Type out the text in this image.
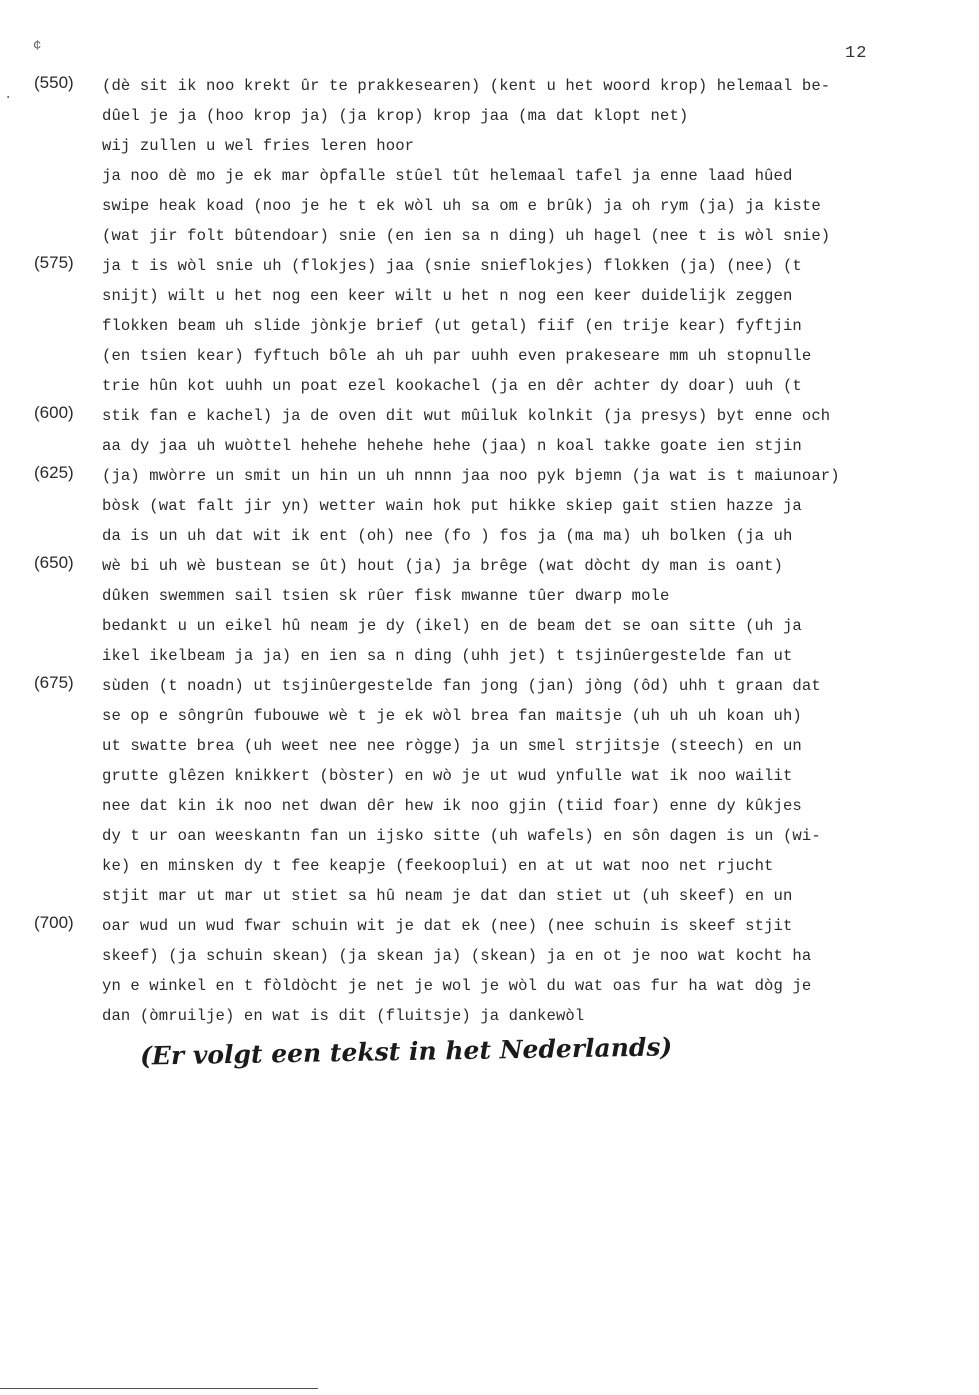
¢
·
12
(550)
(575)
(600)
(625)
(650)
(675)
(700)
(dè sit ik noo krekt ûr te prakkesearen) (kent u het woord krop) helemaal be-
dûel je ja (hoo krop ja) (ja krop) krop jaa (ma dat klopt net)
wij zullen u wel fries leren hoor
ja noo dè mo je ek mar òpfalle stûel tût helemaal tafel ja enne laad hûed
swipe heak koad (noo je he t ek wòl uh sa om e brûk) ja oh rym (ja) ja kiste
(wat jir folt bûtendoar) snie (en ien sa n ding) uh hagel (nee t is wòl snie)
ja t is wòl snie uh (flokjes) jaa (snie snieflokjes) flokken (ja) (nee) (t
snijt) wilt u het nog een keer wilt u het n nog een keer duidelijk zeggen
flokken beam uh slide jònkje brief (ut getal) fiif (en trije kear) fyftjin
(en tsien kear) fyftuch bôle ah uh par uuhh even prakeseare mm uh stopnulle
trie hûn kot uuhh un poat ezel kookachel (ja en dêr achter dy doar) uuh (t
stik fan e kachel) ja de oven dit wut mûiluk kolnkit (ja presys) byt enne och
aa dy jaa uh wuòttel hehehe hehehe hehe (jaa) n koal takke goate ien stjin
(ja) mwòrre un smit un hin un uh nnnn jaa noo pyk bjemn (ja wat is t maiunoar)
bòsk (wat falt jir yn) wetter wain hok put hikke skiep gait stien hazze ja
da is un uh dat wit ik ent (oh) nee (fo ) fos ja (ma ma) uh bolken (ja uh
wè bi uh wè bustean se ût) hout (ja) ja brêge (wat dòcht dy man is oant)
dûken swemmen sail tsien sk rûer fisk mwanne tûer dwarp mole
bedankt u un eikel hû neam je dy (ikel) en de beam det se oan sitte (uh ja
ikel ikelbeam ja ja) en ien sa n ding (uhh jet) t tsjinûergestelde fan ut
sùden (t noadn) ut tsjinûergestelde fan jong (jan) jòng (ôd) uhh t graan dat
se op e sôngrûn fubouwe wè t je ek wòl brea fan maitsje (uh uh uh koan uh)
ut swatte brea (uh weet nee nee rògge) ja un smel strjitsje (steech) en un
grutte glêzen knikkert (bòster) en wò je ut wud ynfulle wat ik noo wailit
nee dat kin ik noo net dwan dêr hew ik noo gjin (tiid foar) enne dy kûkjes
dy t ur oan weeskantn fan un ijsko sitte (uh wafels) en sôn dagen is un (wi-
ke) en minsken dy t fee keapje (feekooplui) en at ut wat noo net rjucht
stjit mar ut mar ut stiet sa hû neam je dat dan stiet ut (uh skeef) en un
oar wud un wud fwar schuin wit je dat ek (nee) (nee schuin is skeef stjit
skeef) (ja schuin skean) (ja skean ja) (skean) ja en ot je noo wat kocht ha
yn e winkel en t fòldòcht je net je wol je wòl du wat oas fur ha wat dòg je
dan (òmruilje) en wat is dit (fluitsje) ja dankewòl
(Er volgt een tekst in het Nederlands)
